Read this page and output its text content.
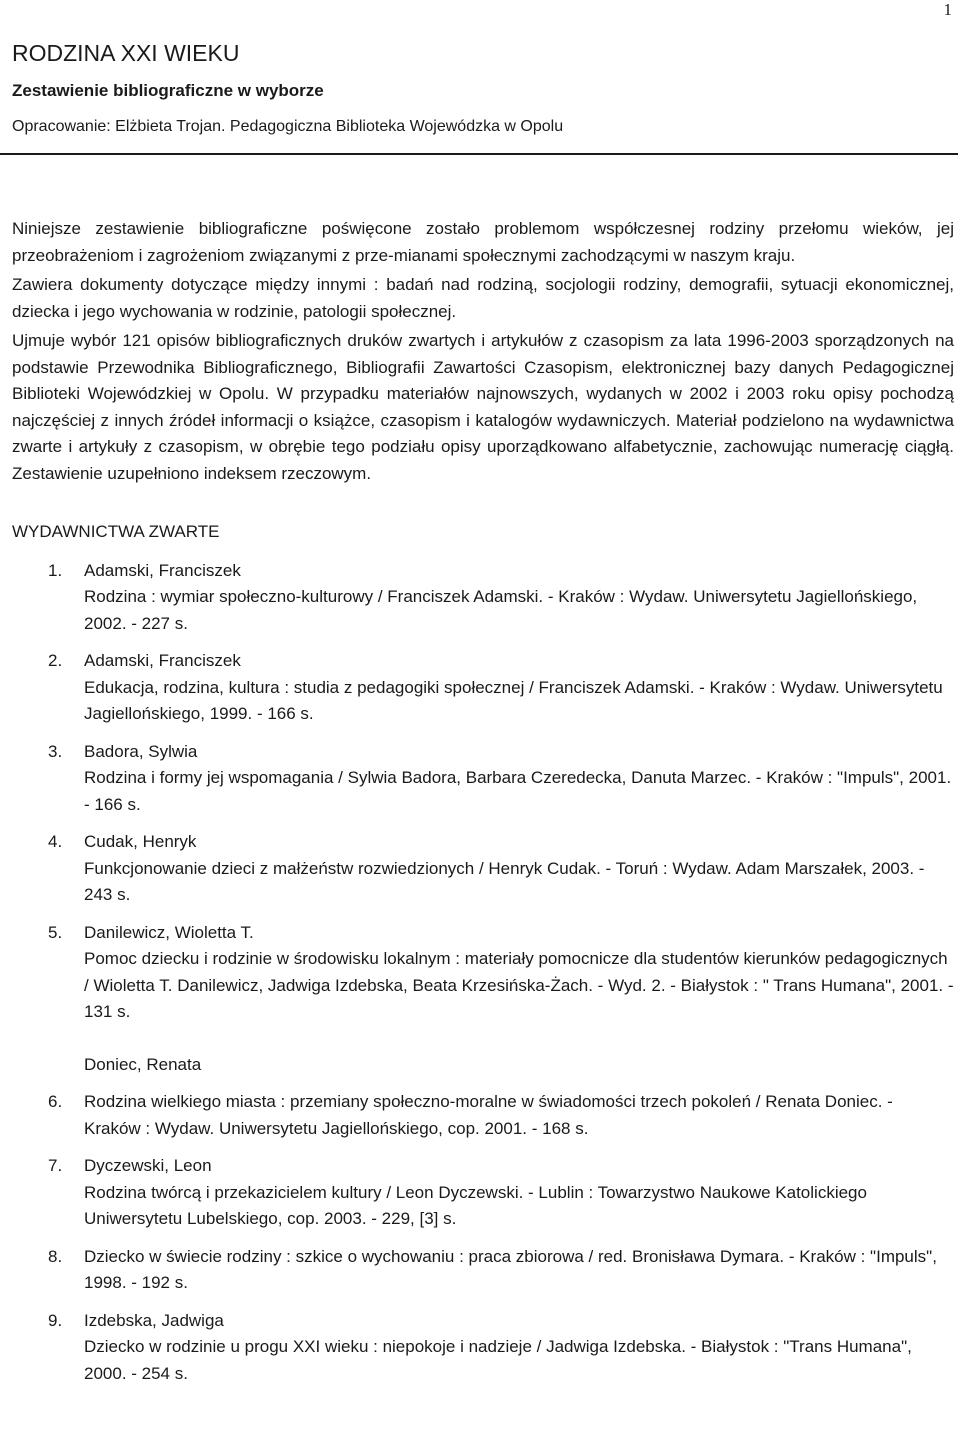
1
RODZINA XXI WIEKU
Zestawienie bibliograficzne w wyborze

Opracowanie: Elżbieta Trojan. Pedagogiczna Biblioteka Wojewódzka w Opolu

Niniejsze zestawienie bibliograficzne poświęcone zostało problemom współczesnej rodziny przełomu wieków, jej przeobrażeniom i zagrożeniom związanymi z prze-mianami społecznymi zachodzącymi w naszym kraju.

Zawiera dokumenty dotyczące między innymi : badań nad rodziną, socjologii rodziny, demografii, sytuacji ekonomicznej, dziecka i jego wychowania w rodzinie, patologii społecznej.

Ujmuje wybór 121 opisów bibliograficznych druków zwartych i artykułów z czasopism za lata 1996-2003 sporządzonych na podstawie Przewodnika Bibliograficznego, Bibliografii Zawartości Czasopism, elektronicznej bazy danych Pedagogicznej Biblioteki Wojewódzkiej w Opolu. W przypadku materiałów najnowszych, wydanych w 2002 i 2003 roku opisy pochodzą najczęściej z innych źródeł informacji o książce, czasopism i katalogów wydawniczych. Materiał podzielono na wydawnictwa zwarte i artykuły z czasopism, w obrębie tego podziału opisy uporządkowano alfabetycznie, zachowując numerację ciągłą. Zestawienie uzupełniono indeksem rzeczowym.

WYDAWNICTWA ZWARTE
1.	Adamski, Franciszek
Rodzina : wymiar społeczno-kulturowy / Franciszek Adamski. - Kraków : Wydaw. Uniwersytetu Jagiellońskiego, 2002. - 227 s.
2.	Adamski, Franciszek
Edukacja, rodzina, kultura : studia z pedagogiki społecznej / Franciszek Adamski. - Kraków : Wydaw. Uniwersytetu Jagiellońskiego, 1999. - 166 s.
3.	Badora, Sylwia
Rodzina i formy jej wspomagania / Sylwia Badora, Barbara Czeredecka, Danuta Marzec. - Kraków : "Impuls", 2001. - 166 s.
4.	Cudak, Henryk
Funkcjonowanie dzieci z małżeństw rozwiedzionych / Henryk Cudak. - Toruń : Wydaw. Adam Marszałek, 2003. - 243 s.
5.	Danilewicz, Wioletta T.
Pomoc dziecku i rodzinie w środowisku lokalnym : materiały pomocnicze dla studentów kierunków pedagogicznych / Wioletta T. Danilewicz, Jadwiga Izdebska, Beata Krzesińska-Żach. - Wyd. 2. - Białystok : " Trans Humana", 2001. - 131 s.
Doniec, Renata
6.	Rodzina wielkiego miasta : przemiany społeczno-moralne w świadomości trzech pokoleń / Renata Doniec. - Kraków : Wydaw. Uniwersytetu Jagiellońskiego, cop. 2001. - 168 s.
7.	Dyczewski, Leon
Rodzina twórcą i przekazicielem kultury / Leon Dyczewski. - Lublin : Towarzystwo Naukowe Katolickiego Uniwersytetu Lubelskiego, cop. 2003. - 229, [3] s.
8.	Dziecko w świecie rodziny : szkice o wychowaniu : praca zbiorowa / red. Bronisława Dymara. - Kraków : "Impuls", 1998. - 192 s.
9.	Izdebska, Jadwiga
Dziecko w rodzinie u progu XXI wieku : niepokoje i nadzieje / Jadwiga Izdebska. - Białystok : "Trans Humana", 2000. - 254 s.
